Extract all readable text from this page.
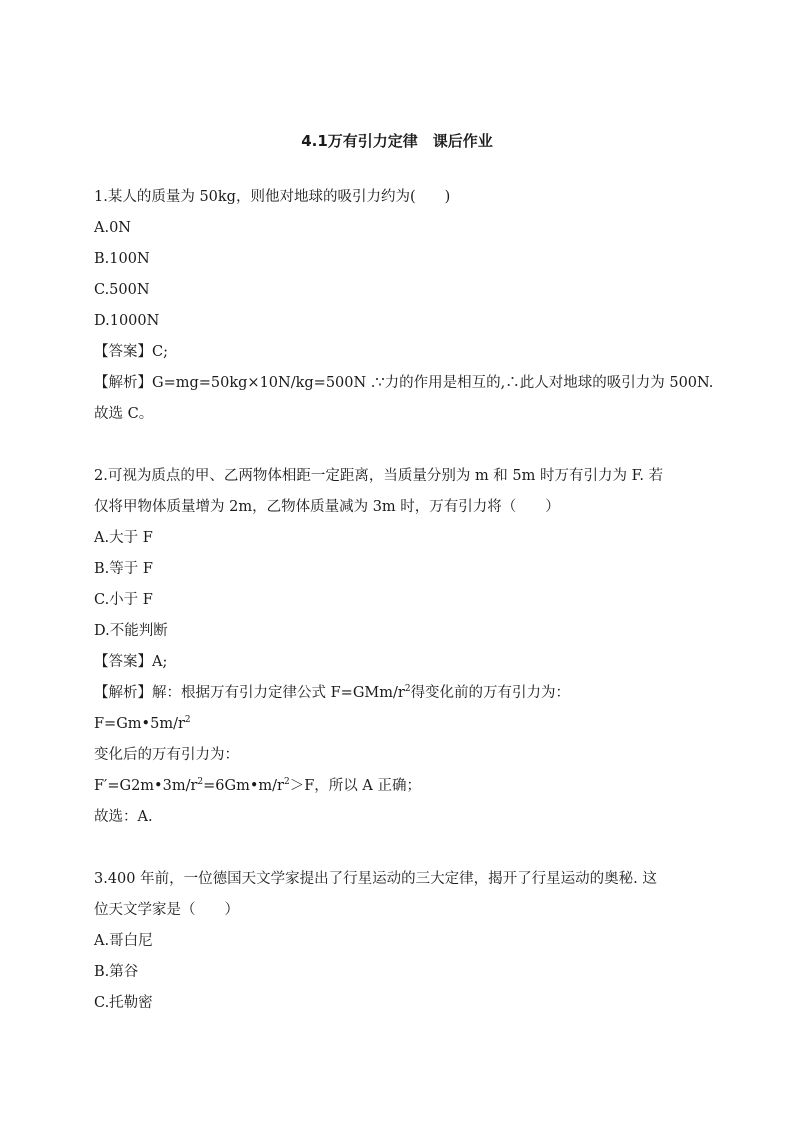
4.1万有引力定律　课后作业
1.某人的质量为 50kg，则他对地球的吸引力约为(　　)
A.0N
B.100N
C.500N
D.1000N
【答案】C;
【解析】G=mg=50kg×10N/kg=500N .∵力的作用是相互的,∴此人对地球的吸引力为 500N.
故选 C。
2.可视为质点的甲、乙两物体相距一定距离，当质量分别为 m 和 5m 时万有引力为 F. 若
仅将甲物体质量增为 2m，乙物体质量减为 3m 时，万有引力将（　　）
A.大于 F
B.等于 F
C.小于 F
D.不能判断
【答案】A;
【解析】解：根据万有引力定律公式 $F=GMm/r^2$得变化前的万有引力为：
$F=Gm•5m/r^2$
变化后的万有引力为：
$F'=G2m•3m/r^2=6Gm•m/r^2>F$，所以 A 正确；
故选：A.
3.400 年前，一位德国天文学家提出了行星运动的三大定律，揭开了行星运动的奥秘. 这
位天文学家是（　　）
A.哥白尼
B.第谷
C.托勒密
